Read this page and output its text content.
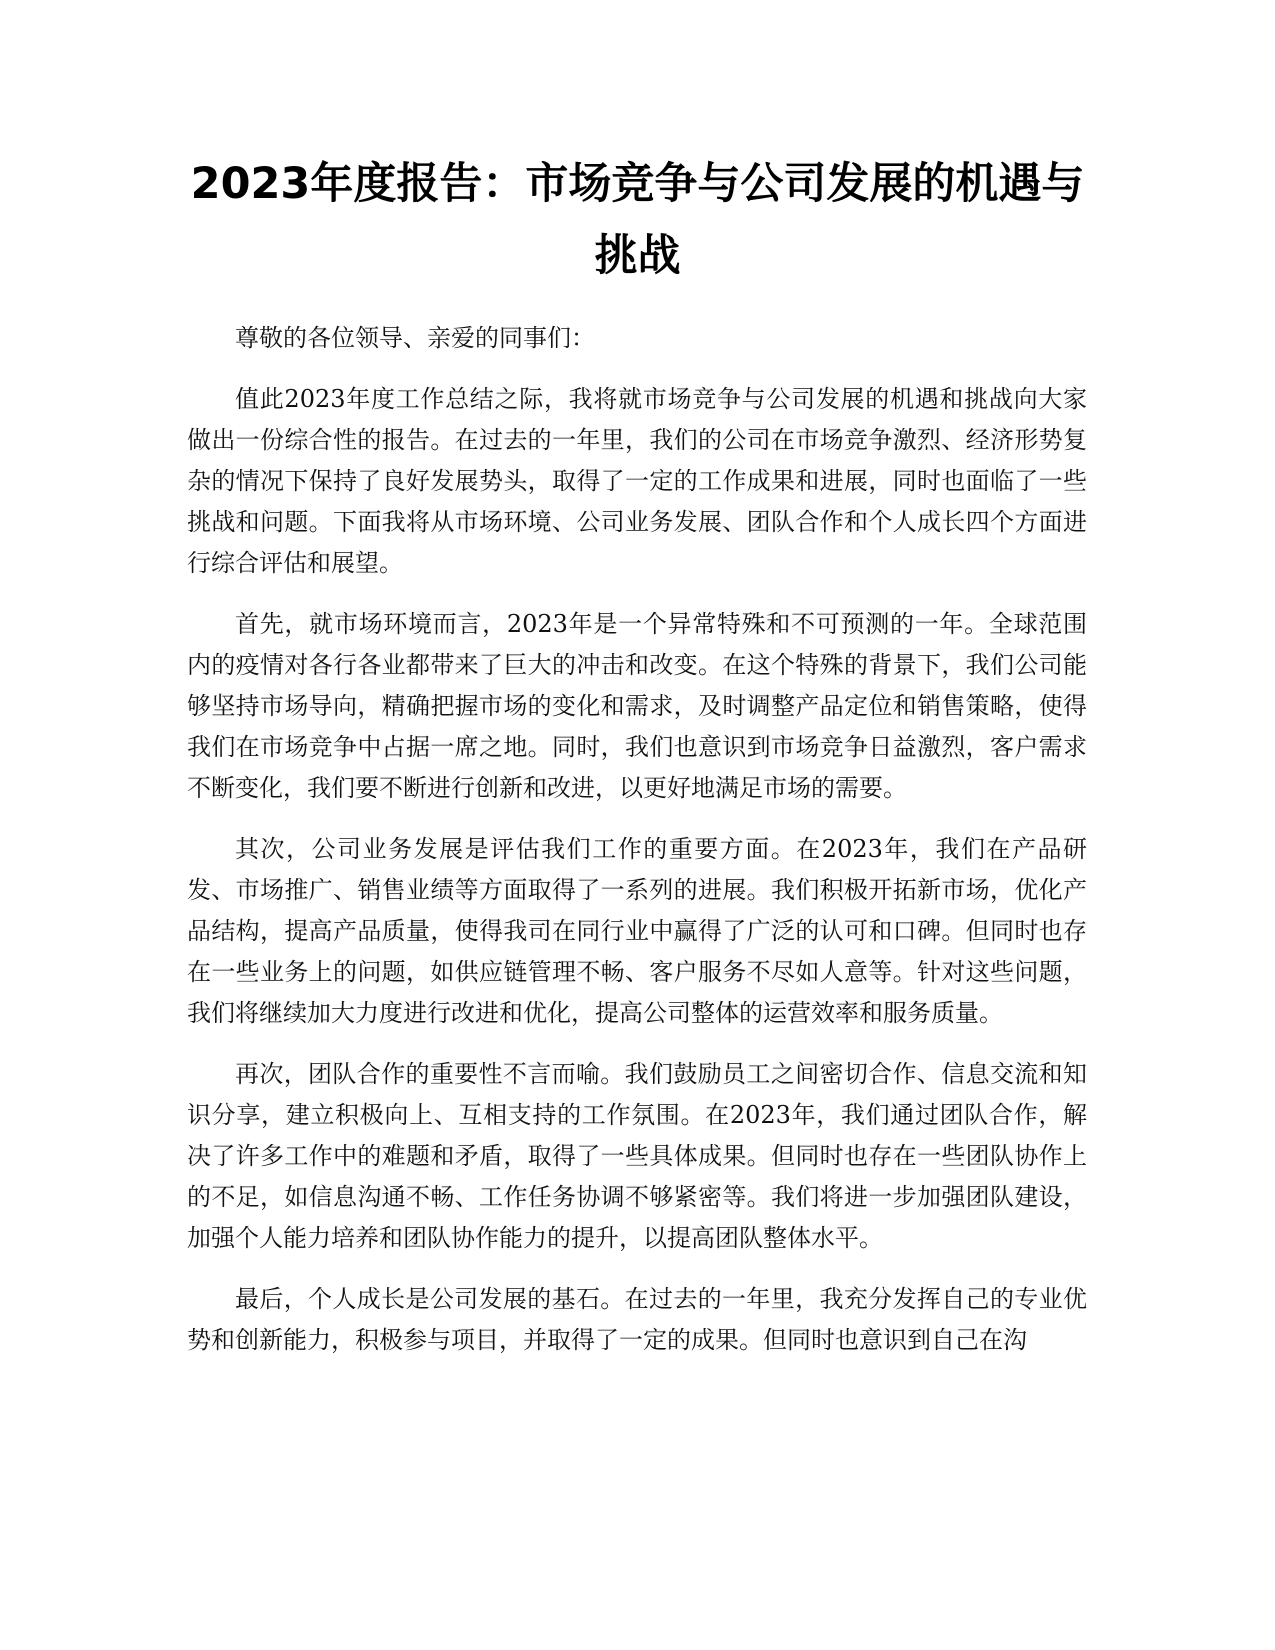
2023年度报告：市场竞争与公司发展的机遇与挑战

尊敬的各位领导、亲爱的同事们：

值此2023年度工作总结之际，我将就市场竞争与公司发展的机遇和挑战向大家做出一份综合性的报告。在过去的一年里，我们的公司在市场竞争激烈、经济形势复杂的情况下保持了良好发展势头，取得了一定的工作成果和进展，同时也面临了一些挑战和问题。下面我将从市场环境、公司业务发展、团队合作和个人成长四个方面进行综合评估和展望。

首先，就市场环境而言，2023年是一个异常特殊和不可预测的一年。全球范围内的疫情对各行各业都带来了巨大的冲击和改变。在这个特殊的背景下，我们公司能够坚持市场导向，精确把握市场的变化和需求，及时调整产品定位和销售策略，使得我们在市场竞争中占据一席之地。同时，我们也意识到市场竞争日益激烈，客户需求不断变化，我们要不断进行创新和改进，以更好地满足市场的需要。

其次，公司业务发展是评估我们工作的重要方面。在2023年，我们在产品研发、市场推广、销售业绩等方面取得了一系列的进展。我们积极开拓新市场，优化产品结构，提高产品质量，使得我司在同行业中赢得了广泛的认可和口碑。但同时也存在一些业务上的问题，如供应链管理不畅、客户服务不尽如人意等。针对这些问题，我们将继续加大力度进行改进和优化，提高公司整体的运营效率和服务质量。

再次，团队合作的重要性不言而喻。我们鼓励员工之间密切合作、信息交流和知识分享，建立积极向上、互相支持的工作氛围。在2023年，我们通过团队合作，解决了许多工作中的难题和矛盾，取得了一些具体成果。但同时也存在一些团队协作上的不足，如信息沟通不畅、工作任务协调不够紧密等。我们将进一步加强团队建设，加强个人能力培养和团队协作能力的提升，以提高团队整体水平。

最后，个人成长是公司发展的基石。在过去的一年里，我充分发挥自己的专业优势和创新能力，积极参与项目，并取得了一定的成果。但同时也意识到自己在沟
